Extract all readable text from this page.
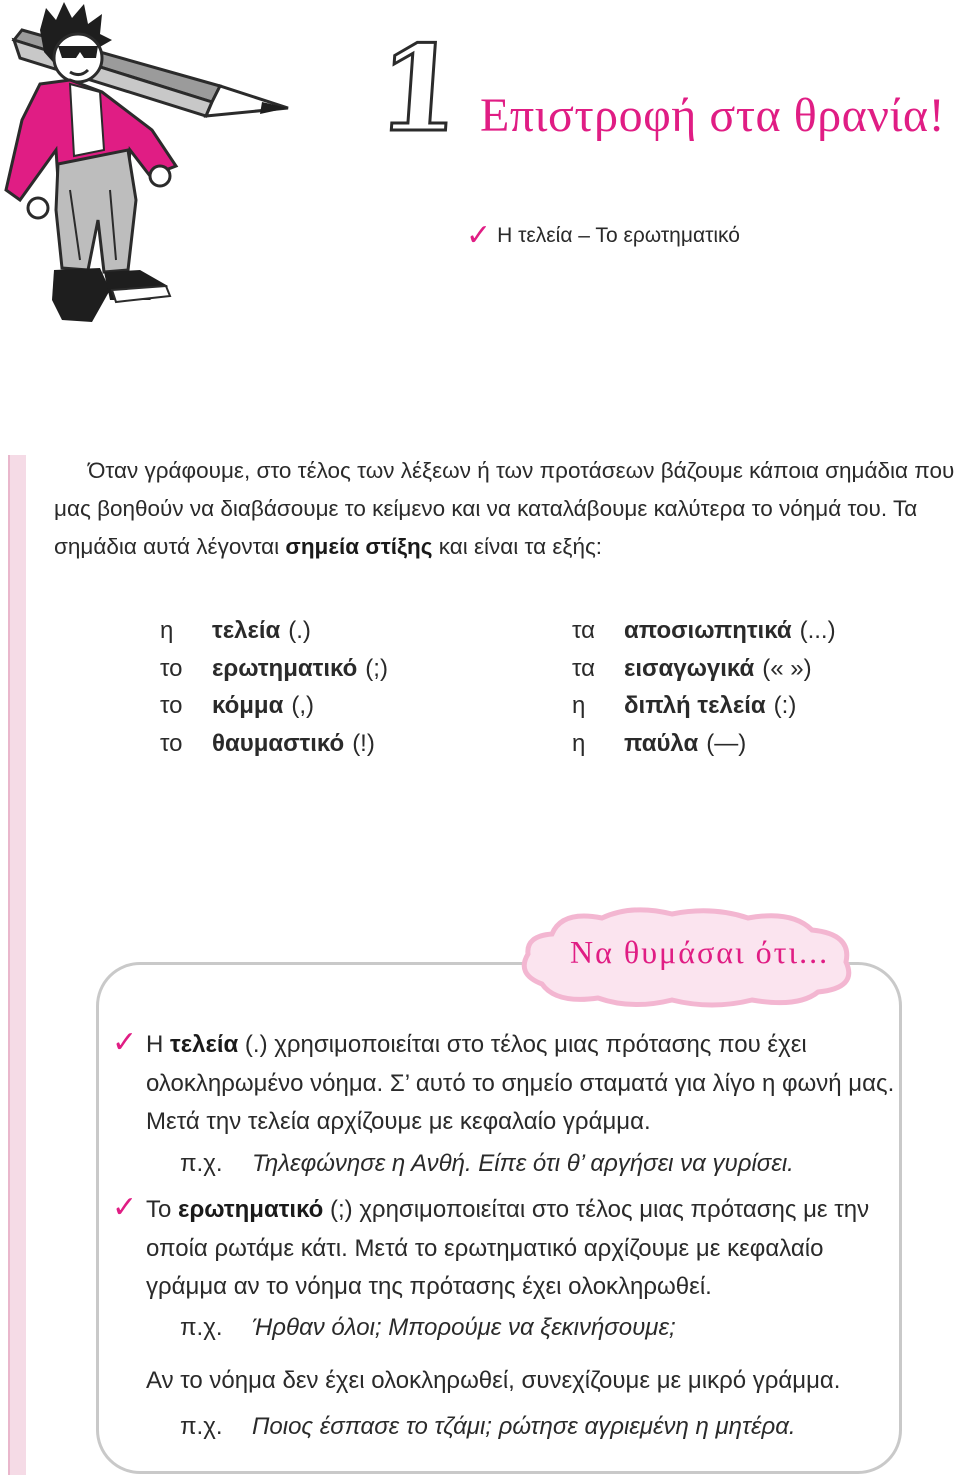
1 Επιστροφή στα θρανία!
✓ Η τελεία – Το ερωτηματικό

Όταν γράφουμε, στο τέλος των λέξεων ή των προτάσεων βάζουμε κάποια σημάδια που μας βοηθούν να διαβάσουμε το κείμενο και να καταλάβουμε καλύτερα το νόημά του. Τα σημάδια αυτά λέγονται σημεία στίξης και είναι τα εξής:

η	τελεία (.)
το	ερωτηματικό (;)
το	κόμμα (,)
το	θαυμαστικό (!)
τα	αποσιωπητικά (...)
τα	εισαγωγικά (« »)
η	διπλή τελεία (:)
η	παύλα (—)
Να θυμάσαι ότι...
✓ Η τελεία (.) χρησιμοποιείται στο τέλος μιας πρότασης που έχει ολοκληρωμένο νόημα. Σ’ αυτό το σημείο σταματά για λίγο η φωνή μας. Μετά την τελεία αρχίζουμε με κεφαλαίο γράμμα.
π.χ. Τηλεφώνησε η Ανθή. Είπε ότι θ’ αργήσει να γυρίσει.
✓ Το ερωτηματικό (;) χρησιμοποιείται στο τέλος μιας πρότασης με την οποία ρωτάμε κάτι. Μετά το ερωτηματικό αρχίζουμε με κεφαλαίο γράμμα αν το νόημα της πρότασης έχει ολοκληρωθεί.
π.χ. Ήρθαν όλοι; Μπορούμε να ξεκινήσουμε;
Αν το νόημα δεν έχει ολοκληρωθεί, συνεχίζουμε με μικρό γράμμα.
π.χ. Ποιος έσπασε το τζάμι; ρώτησε αγριεμένη η μητέρα.
